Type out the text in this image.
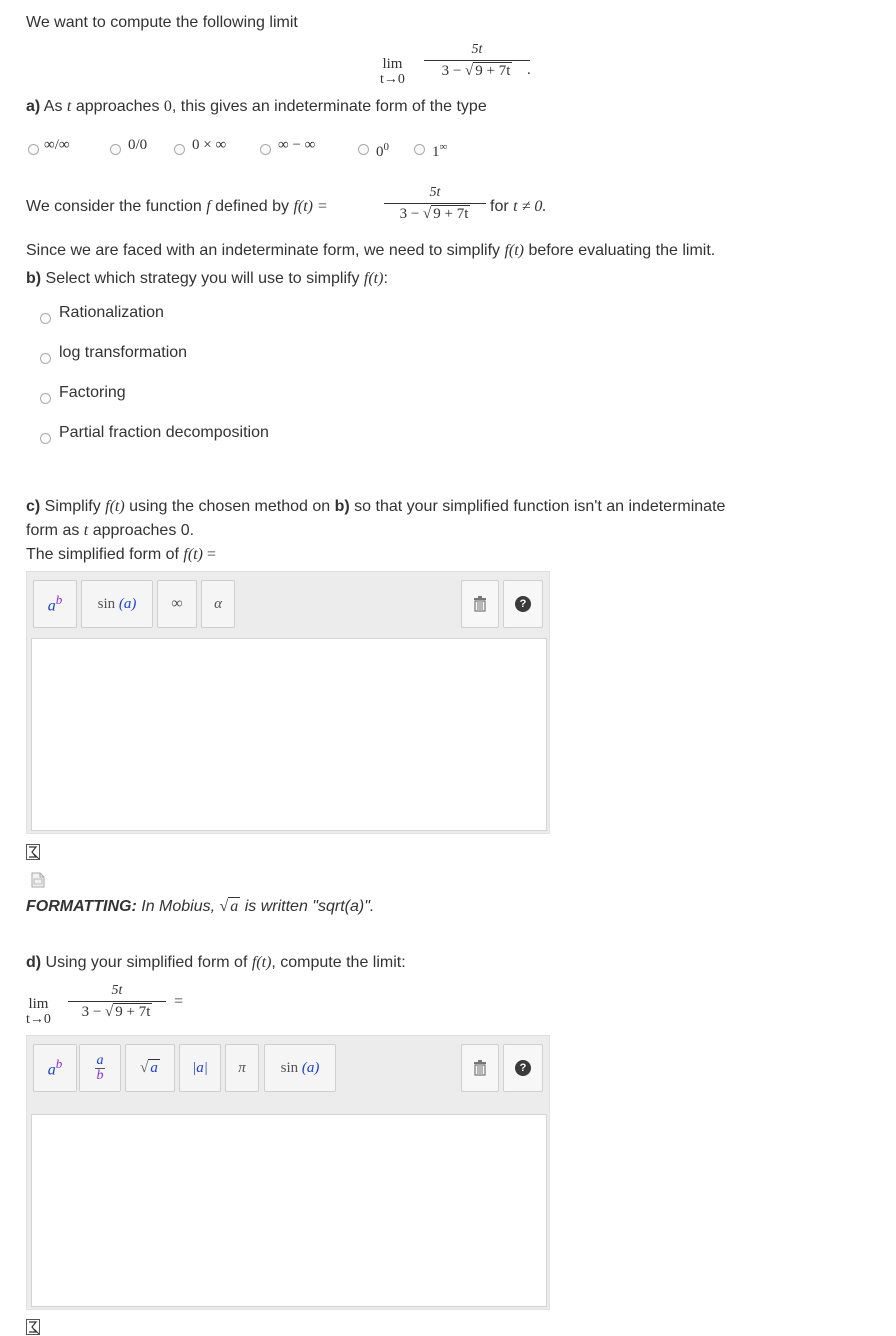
We want to compute the following limit
lim
t→0
5t
3 − √ 9 + 7t	.
a) As t approaches 0, this gives an indeterminate form of the type
∞/∞	0/0	0 × ∞	∞ − ∞	$0^0$	1∞
We consider the function f defined by f(t) =
5t
3 − √ 9 + 7t	for t ≠ 0.
Since we are faced with an indeterminate form, we need to simplify f(t) before evaluating the limit.
b) Select which strategy you will use to simplify f(t):
Rationalization
log transformation
Factoring
Partial fraction decomposition
c) Simplify f(t) using the chosen method on b) so that your simplified function isn't an indeterminate
form as t approaches 0.
The simplified form of f(t) =
$a^b$ sin (a)	∞	α	?
FORMATTING: In Mobius, √ a is written "sqrt(a)".
d) Using your simplified form of f(t), compute the limit:
lim
t→0
5t
3 − √ 9 + 7t
=
$a^b$ a
b √ a |a|	π	sin (a)	?
